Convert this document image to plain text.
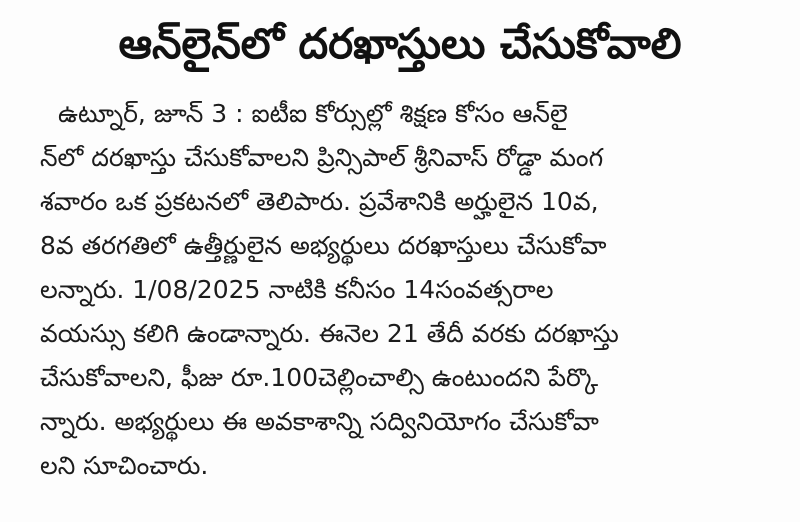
ఆన్‌లైన్‌లో దరఖాస్తులు చేసుకోవాలి
ఉట్నూర్, జూన్ 3 : ఐటీఐ కోర్సుల్లో శిక్షణ కోసం ఆన్‌లై
న్‌లో దరఖాస్తు చేసుకోవాలని ప్రిన్సిపాల్ శ్రీనివాస్ రోడ్డా మంగ
శవారం ఒక ప్రకటనలో తెలిపారు. ప్రవేశానికి అర్హులైన 10వ,
8వ తరగతిలో ఉత్తీర్ణులైన అభ్యర్థులు దరఖాస్తులు చేసుకోవా
లన్నారు. 1/08/2025 నాటికి కనీసం 14సంవత్సరాల
వయస్సు కలిగి ఉండాన్నారు. ఈనెల 21 తేదీ వరకు దరఖాస్తు
చేసుకోవాలని, ఫీజు రూ.100చెల్లించాల్సి ఉంటుందని పేర్కొ
న్నారు. అభ్యర్థులు ఈ అవకాశాన్ని సద్వినియోగం చేసుకోవా
లని సూచించారు.
